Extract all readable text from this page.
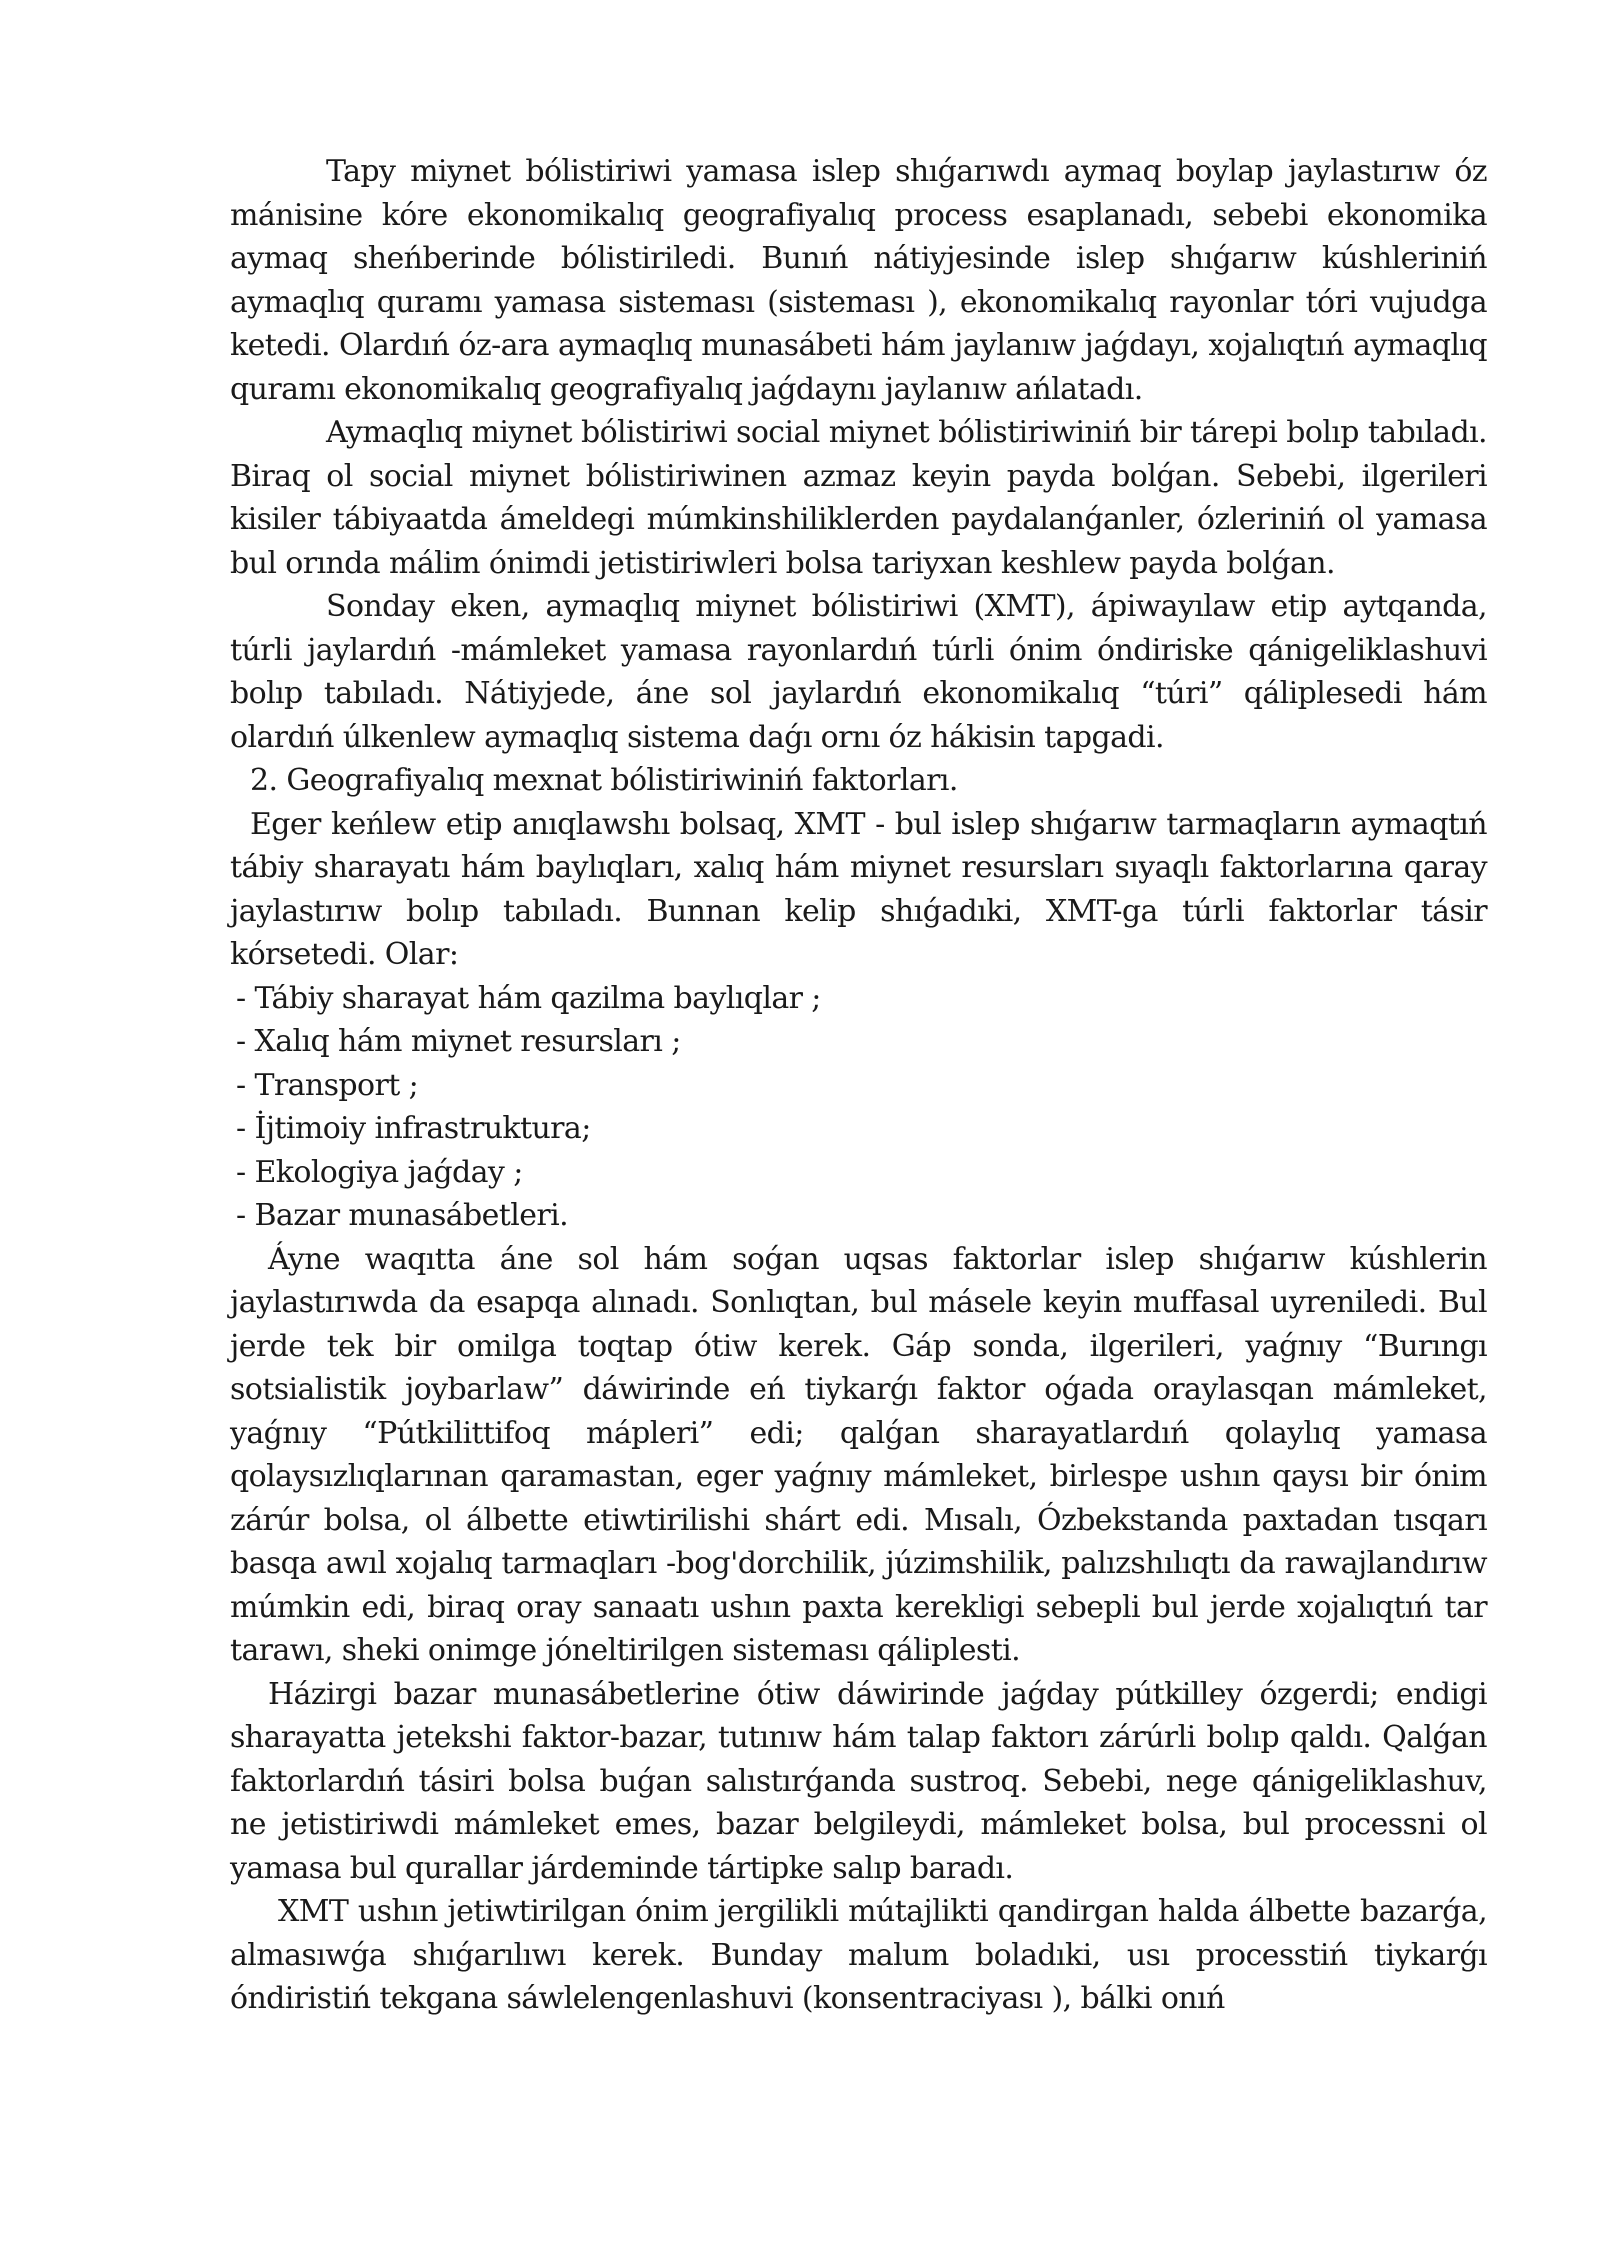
Tapy miynet bólistiriwi yamasa islep shıǵarıwdı aymaq boylap jaylastırıw óz mánisine kóre ekonomikalıq geografiyalıq process esaplanadı, sebebi ekonomika aymaq sheńberinde bólistiriledi. Bunıń nátiyjesinde islep shıǵarıw kúshleriniń aymaqlıq quramı yamasa sisteması (sisteması ), ekonomikalıq rayonlar tóri vujudga ketedi. Olardıń óz-ara aymaqlıq munasábeti hám jaylanıw jaǵdayı, xojalıqtıń aymaqlıq quramı ekonomikalıq geografiyalıq jaǵdaynı jaylanıw ańlatadı.

Aymaqlıq miynet bólistiriwi social miynet bólistiriwiniń bir tárepi bolıp tabıladı. Biraq ol social miynet bólistiriwinen azmaz keyin payda bolǵan. Sebebi, ilgerileri kisiler tábiyaatda ámeldegi múmkinshiliklerden paydalanǵanler, ózleriniń ol yamasa bul orında málim ónimdi jetistiriwleri bolsa tariyxan keshlew payda bolǵan.

Sonday eken, aymaqlıq miynet bólistiriwi (XMT), ápiwayılaw etip aytqanda, túrli jaylardıń -mámleket yamasa rayonlardıń túrli ónim óndiriske qánigeliklashuvi bolıp tabıladı. Nátiyjede, áne sol jaylardıń ekonomikalıq “túri” qáliplesedi hám olardıń úlkenlew aymaqlıq sistema daǵı ornı óz hákisin tapgadi.

2. Geografiyalıq mexnat bólistiriwiniń faktorları.

Eger keńlew etip anıqlawshı bolsaq, XMT - bul islep shıǵarıw tarmaqların aymaqtıń tábiy sharayatı hám baylıqları, xalıq hám miynet resursları sıyaqlı faktorlarına qaray jaylastırıw bolıp tabıladı. Bunnan kelip shıǵadıki, XMT-ga túrli faktorlar tásir kórsetedi. Olar:

- Tábiy sharayat hám qazilma baylıqlar ;
- Xalıq hám miynet resursları ;
- Transport ;
- İjtimoiy infrastruktura;
- Ekologiya jaǵday ;
- Bazar munasábetleri.

Áyne waqıtta áne sol hám soǵan uqsas faktorlar islep shıǵarıw kúshlerin jaylastırıwda da esapqa alınadı. Sonlıqtan, bul másele keyin muffasal uyreniledi. Bul jerde tek bir omilga toqtap ótiw kerek. Gáp sonda, ilgerileri, yaǵnıy “Burıngı sotsialistik joybarlaw” dáwirinde eń tiykarǵı faktor oǵada oraylasqan mámleket, yaǵnıy “Pútkilittifoq mápleri” edi; qalǵan sharayatlardıń qolaylıq yamasa qolaysızlıqlarınan qaramastan, eger yaǵnıy mámleket, birlespe ushın qaysı bir ónim zárúr bolsa, ol álbette etiwtirilishi shárt edi. Mısalı, Ózbekstanda paxtadan tısqarı basqa awıl xojalıq tarmaqları -bog'dorchilik, júzimshilik, palızshılıqtı da rawajlandırıw múmkin edi, biraq oray sanaatı ushın paxta kerekligi sebepli bul jerde xojalıqtıń tar tarawı, sheki onimge jóneltirilgen sisteması qáliplesti.

Házirgi bazar munasábetlerine ótiw dáwirinde jaǵday pútkilley ózgerdi; endigi sharayatta jetekshi faktor-bazar, tutınıw hám talap faktorı zárúrli bolıp qaldı. Qalǵan faktorlardıń tásiri bolsa buǵan salıstırǵanda sustroq. Sebebi, nege qánigeliklashuv, ne jetistiriwdi mámleket emes, bazar belgileydi, mámleket bolsa, bul processni ol yamasa bul qurallar járdeminde tártipke salıp baradı.

XMT ushın jetiwtirilgan ónim jergilikli mútajlikti qandirgan halda álbette bazarǵa, almasıwǵa shıǵarılıwı kerek. Bunday malum boladıki, usı processtiń tiykarǵı óndiristiń tekgana sáwlelengenlashuvi (konsentraciyası ), bálki onıń
